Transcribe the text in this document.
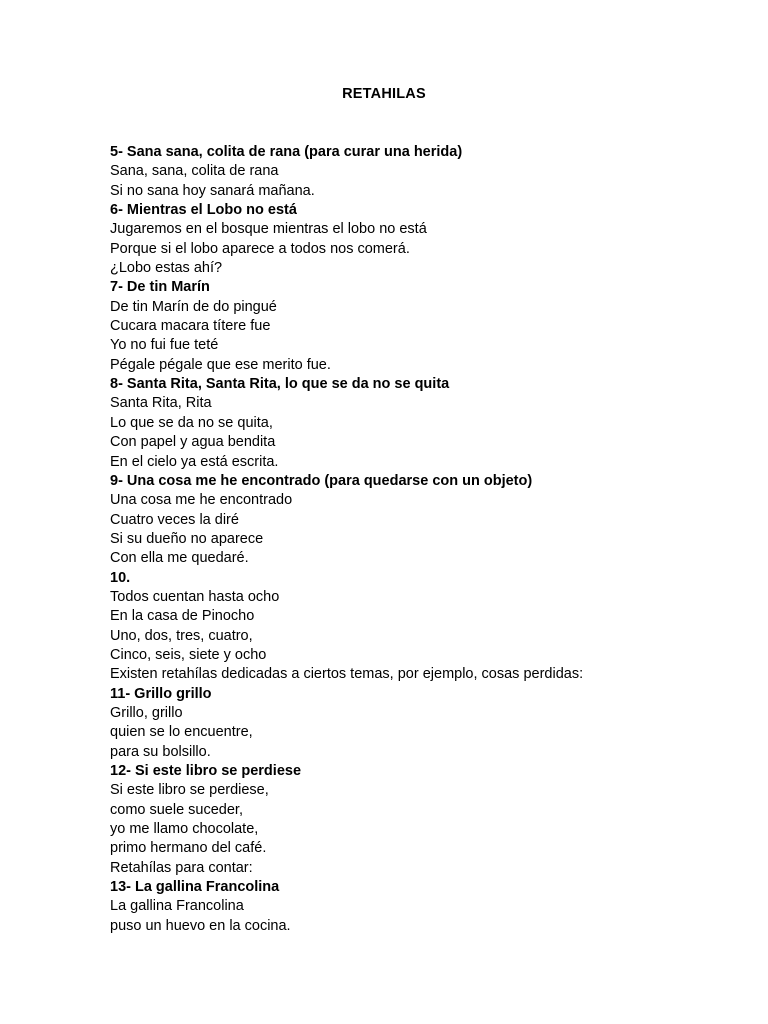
RETAHILAS
5- Sana sana, colita de rana (para curar una herida)
Sana, sana, colita de rana
Si no sana hoy sanará mañana.
6- Mientras el Lobo no está
Jugaremos en el bosque mientras el lobo no está
Porque si el lobo aparece a todos nos comerá.
¿Lobo estas ahí?
7- De tin Marín
De tin Marín de do pingué
Cucara macara títere fue
Yo no fui fue teté
Pégale pégale que ese merito fue.
8- Santa Rita, Santa Rita, lo que se da no se quita
Santa Rita, Rita
Lo que se da no se quita,
Con papel y agua bendita
En el cielo ya está escrita.
9- Una cosa me he encontrado (para quedarse con un objeto)
Una cosa me he encontrado
Cuatro veces la diré
Si su dueño no aparece
Con ella me quedaré.
10.
Todos cuentan hasta ocho
En la casa de Pinocho
Uno, dos, tres, cuatro,
Cinco, seis, siete y ocho
Existen retahílas dedicadas a ciertos temas, por ejemplo, cosas perdidas:
11- Grillo grillo
Grillo, grillo
quien se lo encuentre,
para su bolsillo.
12- Si este libro se perdiese
Si este libro se perdiese,
como suele suceder,
yo me llamo chocolate,
primo hermano del café.
Retahílas para contar:
13- La gallina Francolina
La gallina Francolina
puso un huevo en la cocina.
